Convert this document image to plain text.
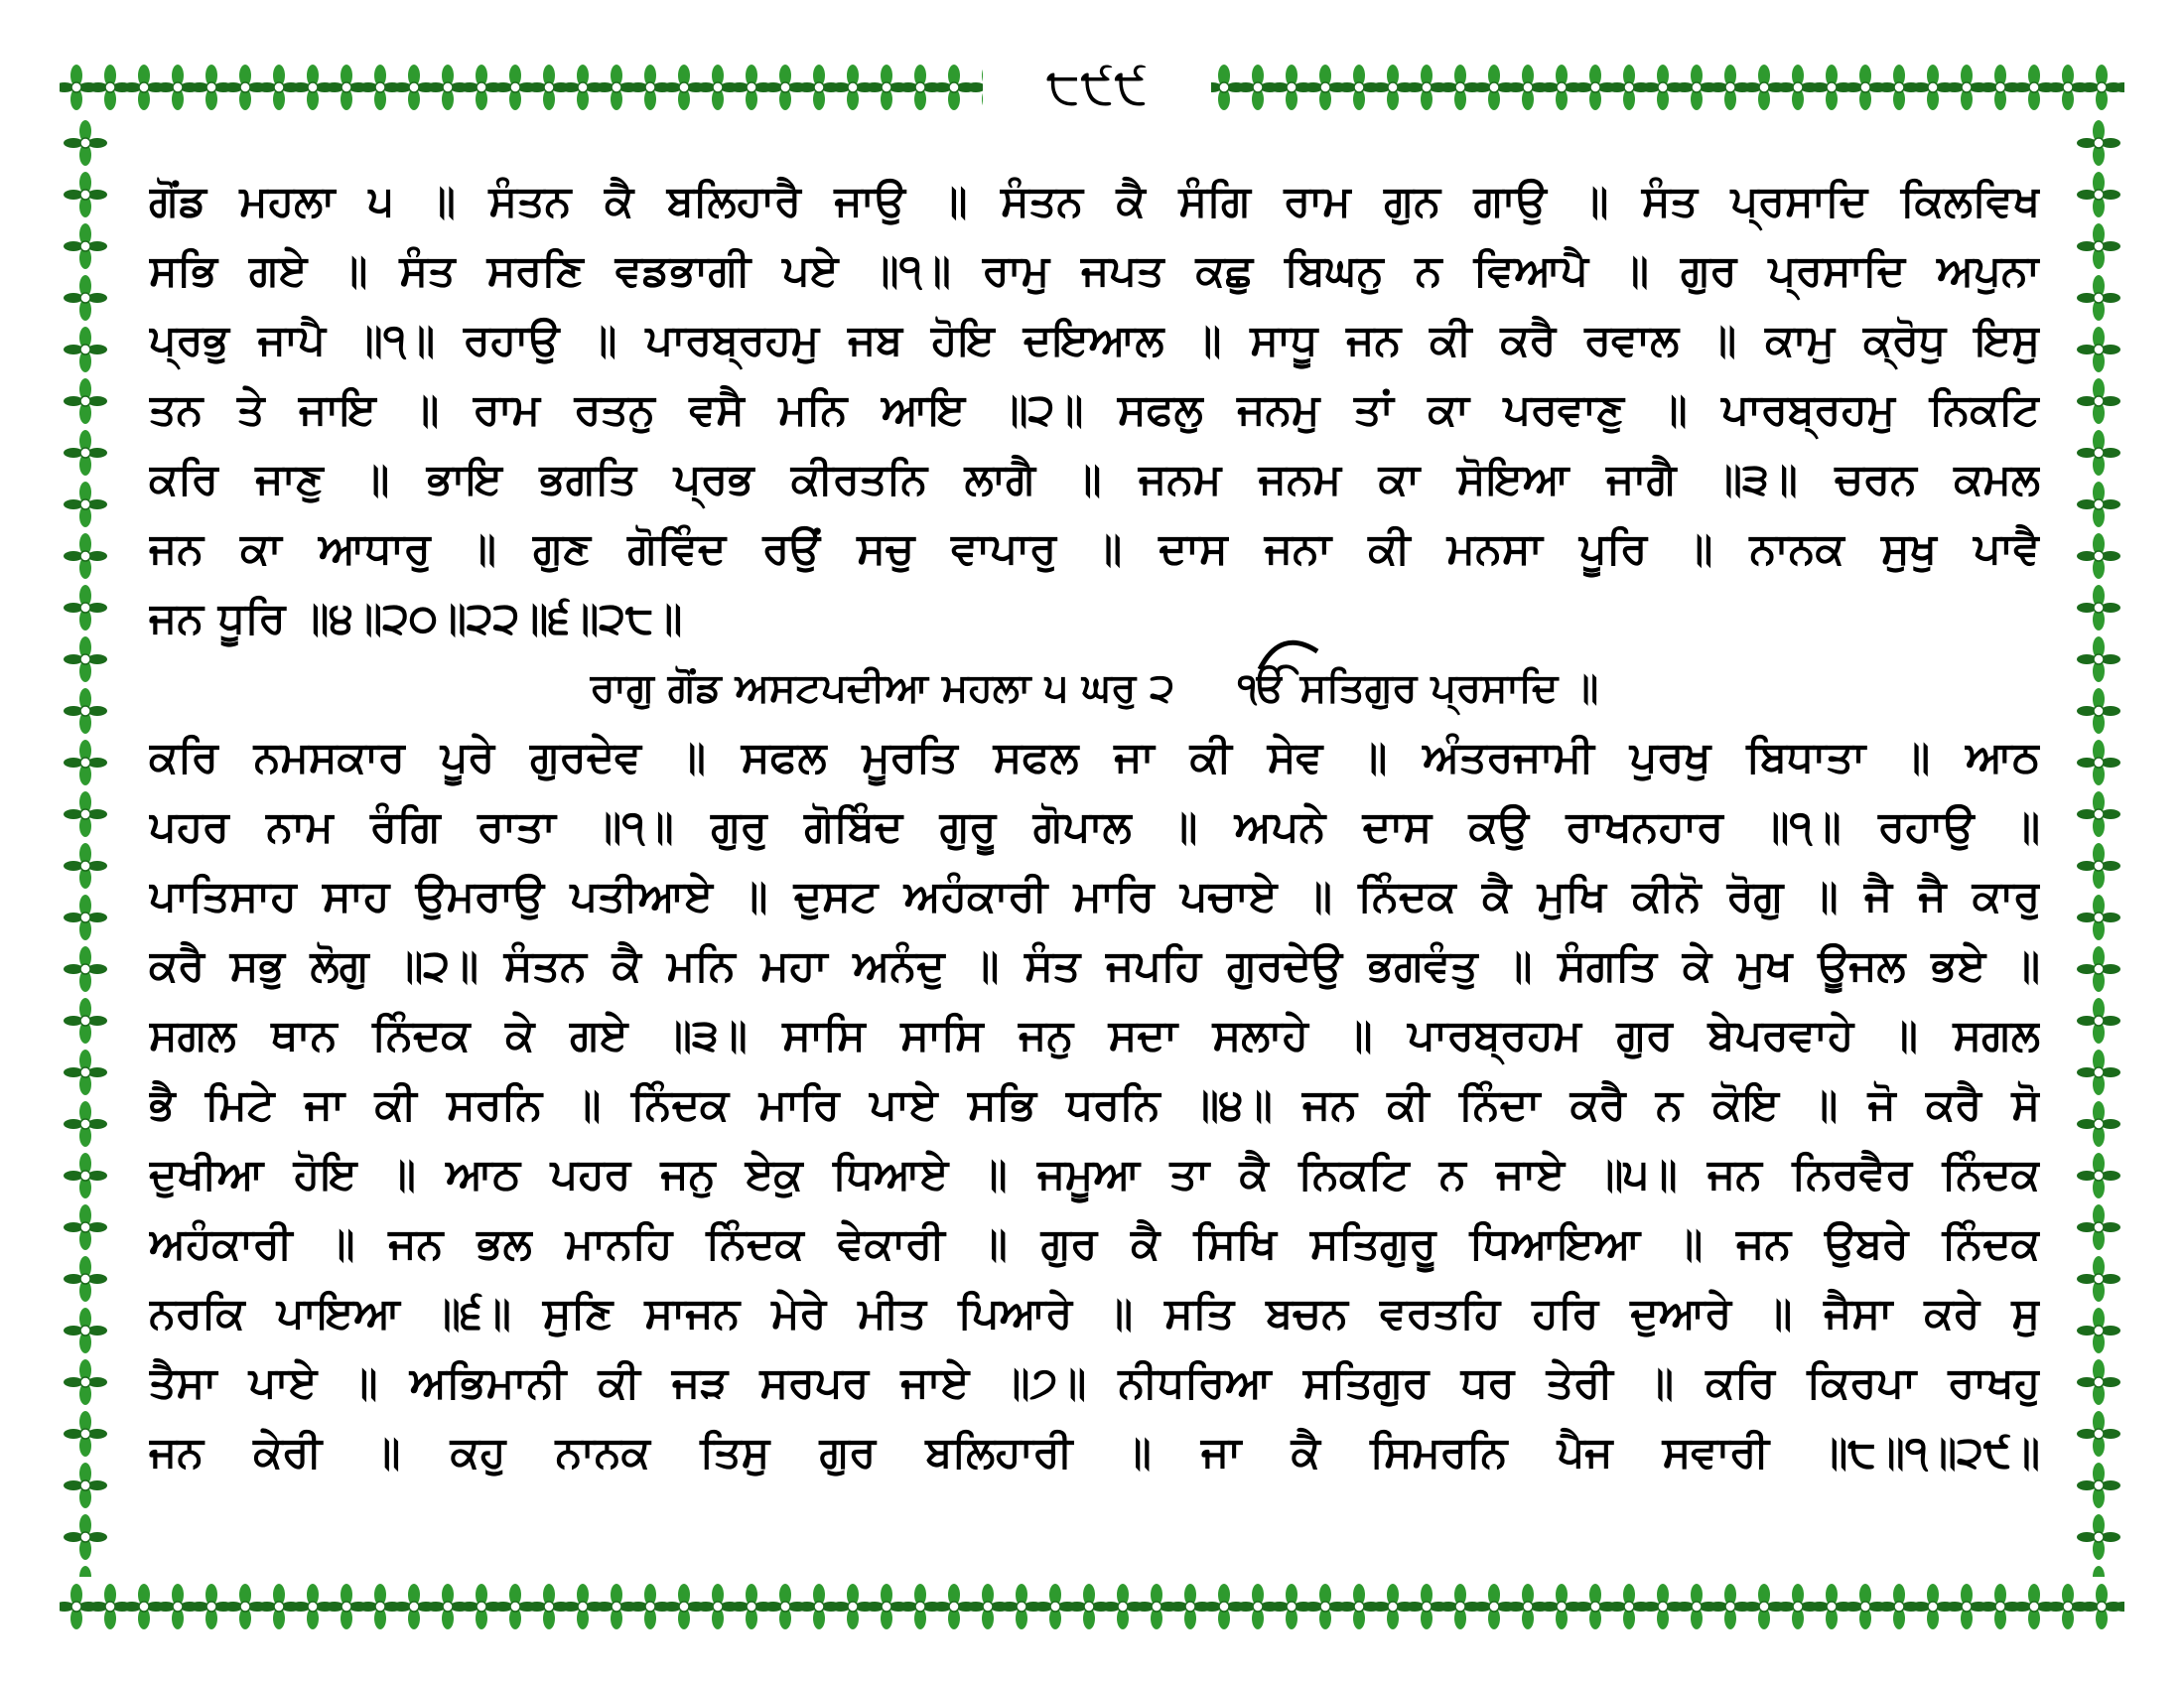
੮੯੯
ਗੋਂਡ ਮਹਲਾ ੫ ॥ ਸੰਤਨ ਕੈ ਬਲਿਹਾਰੈ ਜਾਉ ॥ ਸੰਤਨ ਕੈ ਸੰਗਿ ਰਾਮ ਗੁਨ ਗਾਉ ॥ ਸੰਤ ਪ੍ਰਸਾਦਿ ਕਿਲਵਿਖ
ਸਭਿ ਗਏ ॥ ਸੰਤ ਸਰਣਿ ਵਡਭਾਗੀ ਪਏ ॥੧॥ ਰਾਮੁ ਜਪਤ ਕਛੁ ਬਿਘਨੁ ਨ ਵਿਆਪੈ ॥ ਗੁਰ ਪ੍ਰਸਾਦਿ ਅਪੁਨਾ
ਪ੍ਰਭੁ ਜਾਪੈ ॥੧॥ ਰਹਾਉ ॥ ਪਾਰਬ੍ਰਹਮੁ ਜਬ ਹੋਇ ਦਇਆਲ ॥ ਸਾਧੂ ਜਨ ਕੀ ਕਰੈ ਰਵਾਲ ॥ ਕਾਮੁ ਕ੍ਰੋਧੁ ਇਸੁ
ਤਨ ਤੇ ਜਾਇ ॥ ਰਾਮ ਰਤਨੁ ਵਸੈ ਮਨਿ ਆਇ ॥੨॥ ਸਫਲੁ ਜਨਮੁ ਤਾਂ ਕਾ ਪਰਵਾਣੁ ॥ ਪਾਰਬ੍ਰਹਮੁ ਨਿਕਟਿ
ਕਰਿ ਜਾਣੁ ॥ ਭਾਇ ਭਗਤਿ ਪ੍ਰਭ ਕੀਰਤਨਿ ਲਾਗੈ ॥ ਜਨਮ ਜਨਮ ਕਾ ਸੋਇਆ ਜਾਗੈ ॥੩॥ ਚਰਨ ਕਮਲ
ਜਨ ਕਾ ਆਧਾਰੁ ॥ ਗੁਣ ਗੋਵਿੰਦ ਰਉਂ ਸਚੁ ਵਾਪਾਰੁ ॥ ਦਾਸ ਜਨਾ ਕੀ ਮਨਸਾ ਪੂਰਿ ॥ ਨਾਨਕ ਸੁਖੁ ਪਾਵੈ
ਜਨ ਧੂਰਿ ॥੪॥੨੦॥੨੨॥੬॥੨੮॥
ਰਾਗੁ ਗੋਂਡ ਅਸਟਪਦੀਆ ਮਹਲਾ ੫ ਘਰੁ ੨ ੴ ਸਤਿਗੁਰ ਪ੍ਰਸਾਦਿ ॥
ਕਰਿ ਨਮਸਕਾਰ ਪੂਰੇ ਗੁਰਦੇਵ ॥ ਸਫਲ ਮੂਰਤਿ ਸਫਲ ਜਾ ਕੀ ਸੇਵ ॥ ਅੰਤਰਜਾਮੀ ਪੁਰਖੁ ਬਿਧਾਤਾ ॥ ਆਠ
ਪਹਰ ਨਾਮ ਰੰਗਿ ਰਾਤਾ ॥੧॥ ਗੁਰੁ ਗੋਬਿੰਦ ਗੁਰੂ ਗੋਪਾਲ ॥ ਅਪਨੇ ਦਾਸ ਕਉ ਰਾਖਨਹਾਰ ॥੧॥ ਰਹਾਉ ॥
ਪਾਤਿਸਾਹ ਸਾਹ ਉਮਰਾਉ ਪਤੀਆਏ ॥ ਦੁਸਟ ਅਹੰਕਾਰੀ ਮਾਰਿ ਪਚਾਏ ॥ ਨਿੰਦਕ ਕੈ ਮੁਖਿ ਕੀਨੋ ਰੋਗੁ ॥ ਜੈ ਜੈ ਕਾਰੁ
ਕਰੈ ਸਭੁ ਲੋਗੁ ॥੨॥ ਸੰਤਨ ਕੈ ਮਨਿ ਮਹਾ ਅਨੰਦੁ ॥ ਸੰਤ ਜਪਹਿ ਗੁਰਦੇਉ ਭਗਵੰਤੁ ॥ ਸੰਗਤਿ ਕੇ ਮੁਖ ਊਜਲ ਭਏ ॥
ਸਗਲ ਥਾਨ ਨਿੰਦਕ ਕੇ ਗਏ ॥੩॥ ਸਾਸਿ ਸਾਸਿ ਜਨੁ ਸਦਾ ਸਲਾਹੇ ॥ ਪਾਰਬ੍ਰਹਮ ਗੁਰ ਬੇਪਰਵਾਹੇ ॥ ਸਗਲ
ਭੈ ਮਿਟੇ ਜਾ ਕੀ ਸਰਨਿ ॥ ਨਿੰਦਕ ਮਾਰਿ ਪਾਏ ਸਭਿ ਧਰਨਿ ॥੪॥ ਜਨ ਕੀ ਨਿੰਦਾ ਕਰੈ ਨ ਕੋਇ ॥ ਜੋ ਕਰੈ ਸੋ
ਦੁਖੀਆ ਹੋਇ ॥ ਆਠ ਪਹਰ ਜਨੁ ਏਕੁ ਧਿਆਏ ॥ ਜਮੂਆ ਤਾ ਕੈ ਨਿਕਟਿ ਨ ਜਾਏ ॥੫॥ ਜਨ ਨਿਰਵੈਰ ਨਿੰਦਕ
ਅਹੰਕਾਰੀ ॥ ਜਨ ਭਲ ਮਾਨਹਿ ਨਿੰਦਕ ਵੇਕਾਰੀ ॥ ਗੁਰ ਕੈ ਸਿਖਿ ਸਤਿਗੁਰੂ ਧਿਆਇਆ ॥ ਜਨ ਉਬਰੇ ਨਿੰਦਕ
ਨਰਕਿ ਪਾਇਆ ॥੬॥ ਸੁਣਿ ਸਾਜਨ ਮੇਰੇ ਮੀਤ ਪਿਆਰੇ ॥ ਸਤਿ ਬਚਨ ਵਰਤਹਿ ਹਰਿ ਦੁਆਰੇ ॥ ਜੈਸਾ ਕਰੇ ਸੁ
ਤੈਸਾ ਪਾਏ ॥ ਅਭਿਮਾਨੀ ਕੀ ਜੜ ਸਰਪਰ ਜਾਏ ॥੭॥ ਨੀਧਰਿਆ ਸਤਿਗੁਰ ਧਰ ਤੇਰੀ ॥ ਕਰਿ ਕਿਰਪਾ ਰਾਖਹੁ
ਜਨ ਕੇਰੀ ॥ ਕਹੁ ਨਾਨਕ ਤਿਸੁ ਗੁਰ ਬਲਿਹਾਰੀ ॥ ਜਾ ਕੈ ਸਿਮਰਨਿ ਪੈਜ ਸਵਾਰੀ ॥੮॥੧॥੨੯॥
